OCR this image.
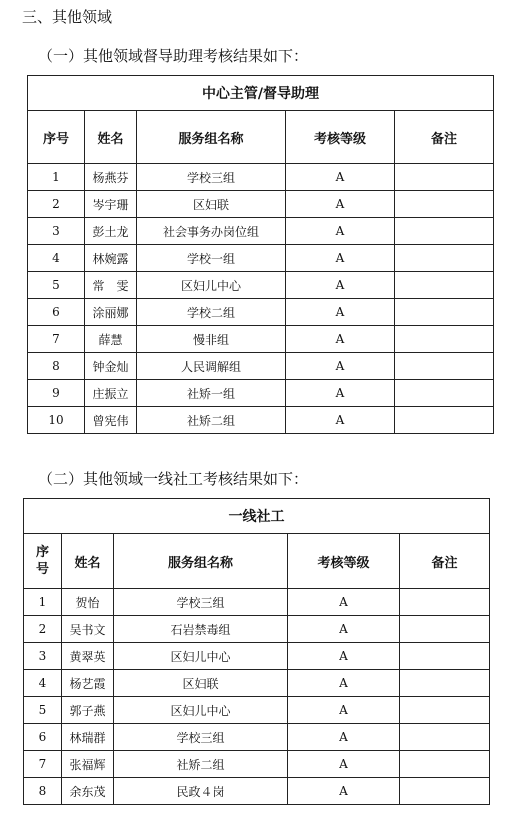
三、其他领域
（一）其他领域督导助理考核结果如下：
中心主管/督导助理				
序号	姓名	服务组名称	考核等级	备注
1	杨燕芬	学校三组	A	
2	岑宇珊	区妇联	A	
3	彭土龙	社会事务办岗位组	A	
4	林婉露	学校一组	A	
5	常　雯	区妇儿中心	A	
6	涂丽娜	学校二组	A	
7	薛慧	慢非组	A	
8	钟金灿	人民调解组	A	
9	庄振立	社矫一组	A	
10	曾宪伟	社矫二组	A	
（二）其他领域一线社工考核结果如下：
一线社工				
序
号	姓名	服务组名称	考核等级	备注
1	贺怡	学校三组	A	
2	吴书文	石岩禁毒组	A	
3	黄翠英	区妇儿中心	A	
4	杨艺霞	区妇联	A	
5	郭子燕	区妇儿中心	A	
6	林瑞群	学校三组	A	
7	张福辉	社矫二组	A	
8	余东茂	民政４岗	A	
